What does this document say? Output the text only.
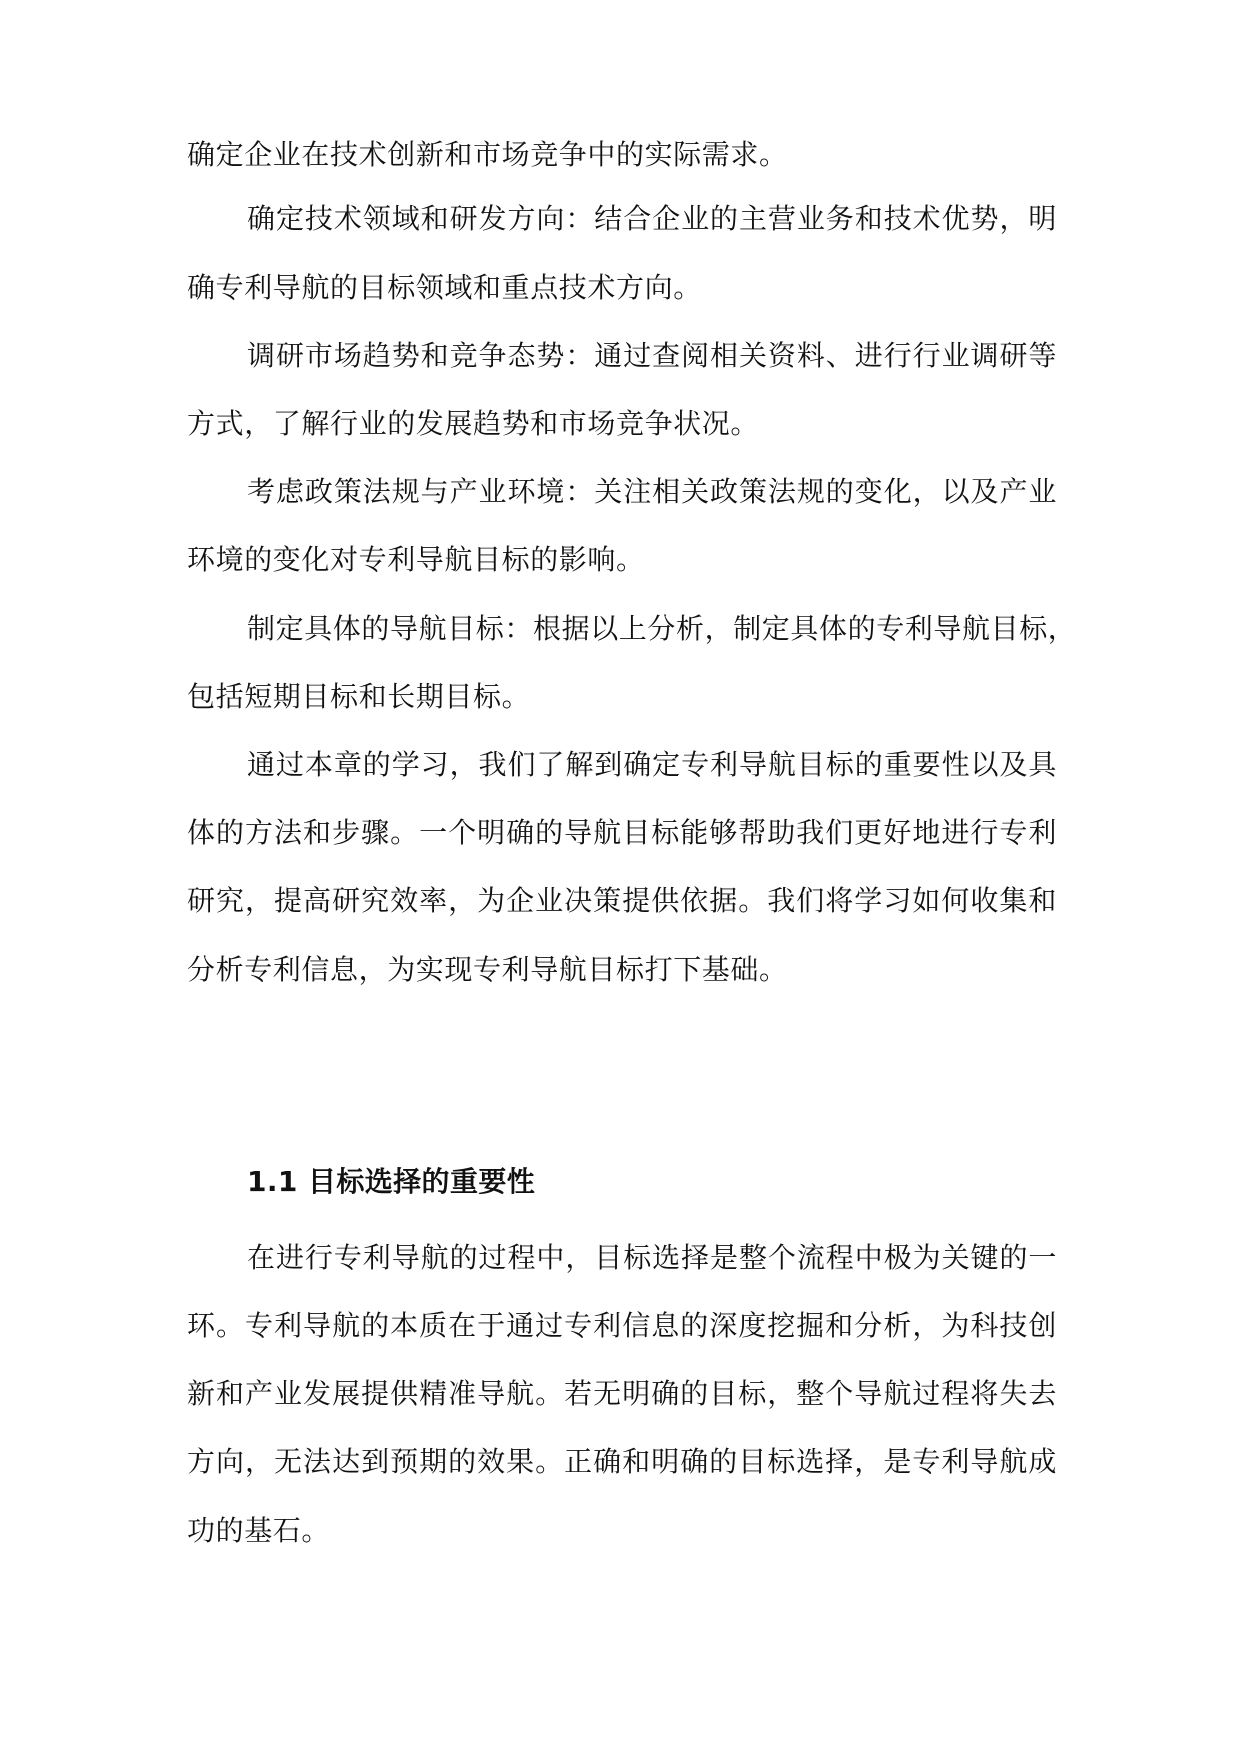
确定企业在技术创新和市场竞争中的实际需求。
确定技术领域和研发方向：结合企业的主营业务和技术优势，明
确专利导航的目标领域和重点技术方向。
调研市场趋势和竞争态势：通过查阅相关资料、进行行业调研等
方式，了解行业的发展趋势和市场竞争状况。
考虑政策法规与产业环境：关注相关政策法规的变化，以及产业
环境的变化对专利导航目标的影响。
制定具体的导航目标：根据以上分析，制定具体的专利导航目标，
包括短期目标和长期目标。
通过本章的学习，我们了解到确定专利导航目标的重要性以及具
体的方法和步骤。一个明确的导航目标能够帮助我们更好地进行专利
研究，提高研究效率，为企业决策提供依据。我们将学习如何收集和
分析专利信息，为实现专利导航目标打下基础。
1.1 目标选择的重要性
在进行专利导航的过程中，目标选择是整个流程中极为关键的一
环。专利导航的本质在于通过专利信息的深度挖掘和分析，为科技创
新和产业发展提供精准导航。若无明确的目标，整个导航过程将失去
方向，无法达到预期的效果。正确和明确的目标选择，是专利导航成
功的基石。
